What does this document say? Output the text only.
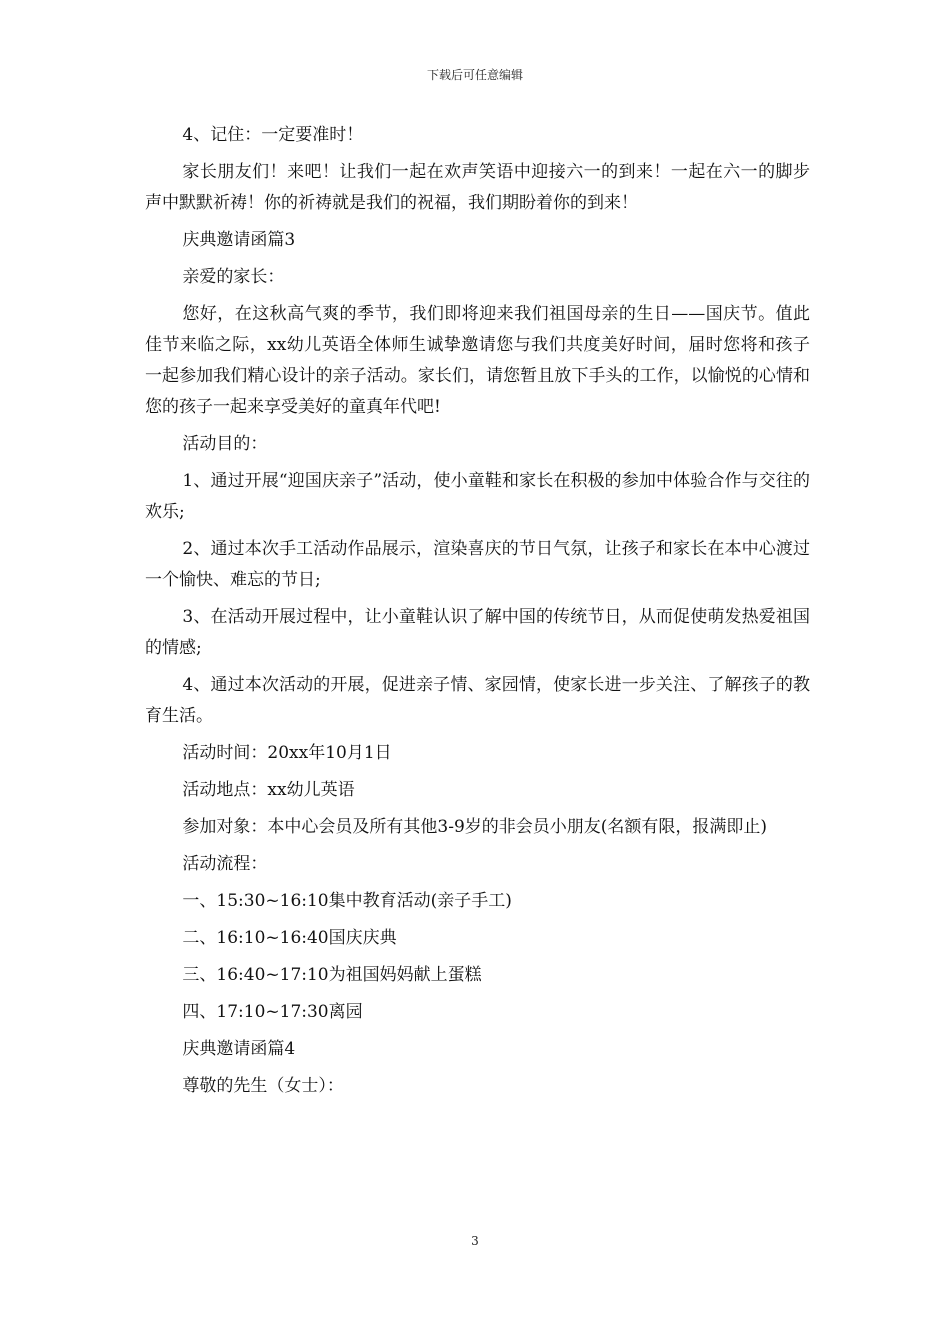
下载后可任意编辑

4、记住：一定要准时！

家长朋友们！来吧！让我们一起在欢声笑语中迎接六一的到来！一起在六一的脚步声中默默祈祷！你的祈祷就是我们的祝福，我们期盼着你的到来！

庆典邀请函篇3

亲爱的家长：

您好，在这秋高气爽的季节，我们即将迎来我们祖国母亲的生日——国庆节。值此佳节来临之际，xx幼儿英语全体师生诚挚邀请您与我们共度美好时间，届时您将和孩子一起参加我们精心设计的亲子活动。家长们，请您暂且放下手头的工作，以愉悦的心情和您的孩子一起来享受美好的童真年代吧!

活动目的：

1、通过开展“迎国庆亲子”活动，使小童鞋和家长在积极的参加中体验合作与交往的欢乐;

2、通过本次手工活动作品展示，渲染喜庆的节日气氛，让孩子和家长在本中心渡过一个愉快、难忘的节日;

3、在活动开展过程中，让小童鞋认识了解中国的传统节日，从而促使萌发热爱祖国的情感;

4、通过本次活动的开展，促进亲子情、家园情，使家长进一步关注、了解孩子的教育生活。

活动时间：20xx年10月1日

活动地点：xx幼儿英语

参加对象：本中心会员及所有其他3-9岁的非会员小朋友(名额有限，报满即止)

活动流程：

一、15:30~16:10集中教育活动(亲子手工)

二、16:10~16:40国庆庆典

三、16:40~17:10为祖国妈妈献上蛋糕

四、17:10~17:30离园

庆典邀请函篇4

尊敬的先生（女士）：

3
